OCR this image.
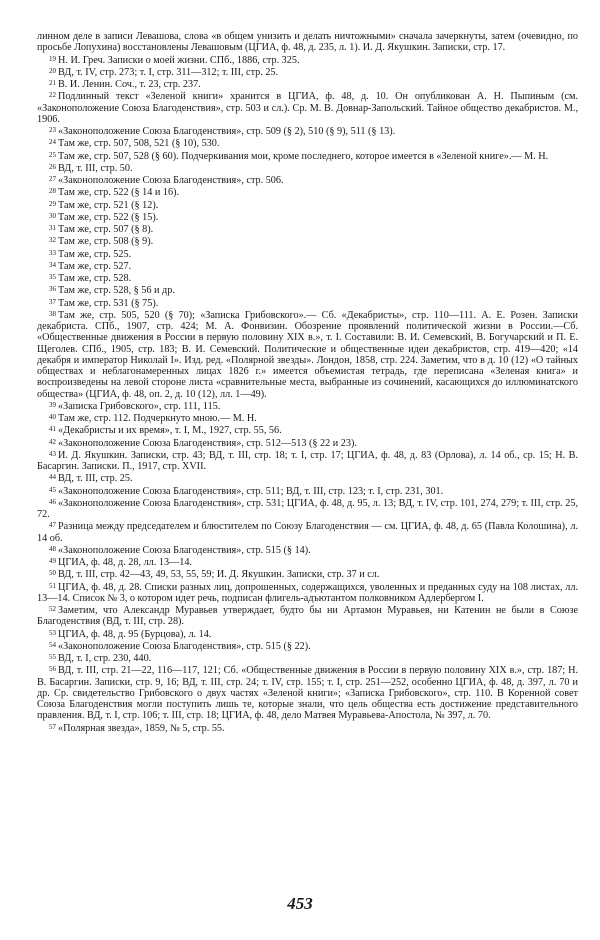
линном деле в записи Левашова, слова «в общем унизить и делать ничтожными» сначала зачеркнуты, затем (очевидно, по просьбе Лопухина) восстановлены Левашовым (ЦГИА, ф. 48, д. 235, л. 1). И. Д. Якушкин. Записки, стр. 17.

19 Н. И. Греч. Записки о моей жизни. СПб., 1886, стр. 325.

20 ВД, т. IV, стр. 273; т. I, стр. 311—312; т. III, стр. 25.

21 В. И. Ленин. Соч., т. 23, стр. 237.

22 Подлинный текст «Зеленой книги» хранится в ЦГИА, ф. 48, д. 10. Он опубликован А. Н. Пыпиным (см. «Законоположение Союза Благоденствия», стр. 503 и сл.). Ср. М. В. Довнар-Запольский. Тайное общество декабристов. М., 1906.

23 «Законоположение Союза Благоденствия», стр. 509 (§ 2), 510 (§ 9), 511 (§ 13).

24 Там же, стр. 507, 508, 521 (§ 10), 530.

25 Там же, стр. 507, 528 (§ 60). Подчеркивания мои, кроме последнего, которое имеется в «Зеленой книге».— М. Н.

26 ВД, т. III, стр. 50.

27 «Законоположение Союза Благоденствия», стр. 506.

28 Там же, стр. 522 (§ 14 и 16).

29 Там же, стр. 521 (§ 12).

30 Там же, стр. 522 (§ 15).

31 Там же, стр. 507 (§ 8).

32 Там же, стр. 508 (§ 9).

33 Там же, стр. 525.

34 Там же, стр. 527.

35 Там же, стр. 528.

36 Там же, стр. 528, § 56 и др.

37 Там же, стр. 531 (§ 75).

38 Там же, стр. 505, 520 (§ 70); «Записка Грибовского».— Сб. «Декабристы», стр. 110—111. А. Е. Розен. Записки декабриста. СПб., 1907, стр. 424; М. А. Фонвизин. Обозрение проявлений политической жизни в России.—Сб. «Общественные движения в России в первую половину XIX в.», т. I. Составили: В. И. Семевский, В. Богучарский и П. Е. Щеголев. СПб., 1905, стр. 183; В. И. Семевский. Политические и общественные идеи декабристов, стр. 419—420; «14 декабря и император Николай I». Изд. ред. «Полярной звезды». Лондон, 1858, стр. 224. Заметим, что в д. 10 (12) «О тайных обществах и неблагонамеренных лицах 1826 г.» имеется объемистая тетрадь, где переписана «Зеленая книга» и воспроизведены на левой стороне листа «сравнительные места, выбранные из сочинений, касающихся до иллюминатского общества» (ЦГИА, ф. 48, оп. 2, д. 10 (12), лл. 1—49).

39 «Записка Грибовского», стр. 111, 115.

40 Там же, стр. 112. Подчеркнуто мною.— М. Н.

41 «Декабристы и их время», т. I, М., 1927, стр. 55, 56.

42 «Законоположение Союза Благоденствия», стр. 512—513 (§ 22 и 23).

43 И. Д. Якушкин. Записки, стр. 43; ВД, т. III, стр. 18; т. I, стр. 17; ЦГИА, ф. 48, д. 83 (Орлова), л. 14 об., ср. 15; Н. В. Басаргин. Записки. П., 1917, стр. XVII.

44 ВД, т. III, стр. 25.

45 «Законоположение Союза Благоденствия», стр. 511; ВД, т. III, стр. 123; т. I, стр. 231, 301.

46 «Законоположение Союза Благоденствия», стр. 531; ЦГИА, ф. 48, д. 95, л. 13; ВД, т. IV, стр. 101, 274, 279; т. III, стр. 25, 72.

47 Разница между председателем и блюстителем по Союзу Благоденствия — см. ЦГИА, ф. 48, д. 65 (Павла Колошина), л. 14 об.

48 «Законоположение Союза Благоденствия», стр. 515 (§ 14).

49 ЦГИА, ф. 48, д. 28, лл. 13—14.

50 ВД, т. III, стр. 42—43, 49, 53, 55, 59; И. Д. Якушкин. Записки, стр. 37 и сл.

51 ЦГИА, ф. 48, д. 28. Списки разных лиц, допрошенных, содержащихся, уволенных и преданных суду на 108 листах, лл. 13—14. Список № 3, о котором идет речь, подписан флигель-адъютантом полковником Адлербергом I.

52 Заметим, что Александр Муравьев утверждает, будто бы ни Артамон Муравьев, ни Катенин не были в Союзе Благоденствия (ВД, т. III, стр. 28).

53 ЦГИА, ф. 48, д. 95 (Бурцова), л. 14.

54 «Законоположение Союза Благоденствия», стр. 515 (§ 22).

55 ВД, т. I, стр. 230, 440.

56 ВД, т. III, стр. 21—22, 116—117, 121; Сб. «Общественные движения в России в первую половину XIX в.», стр. 187; Н. В. Басаргин. Записки, стр. 9, 16; ВД, т. III, стр. 24; т. IV, стр. 155; т. I, стр. 251—252, особенно ЦГИА, ф. 48, д. 397, л. 70 и др. Ср. свидетельство Грибовского о двух частях «Зеленой книги»; «Записка Грибовского», стр. 110. В Коренной совет Союза Благоденствия могли поступить лишь те, которые знали, что цель общества есть достижение представительного правления. ВД, т. I, стр. 106; т. III, стр. 18; ЦГИА, ф. 48, дело Матвея Муравьева-Апостола, № 397, л. 70.

57 «Полярная звезда», 1859, № 5, стр. 55.

453
